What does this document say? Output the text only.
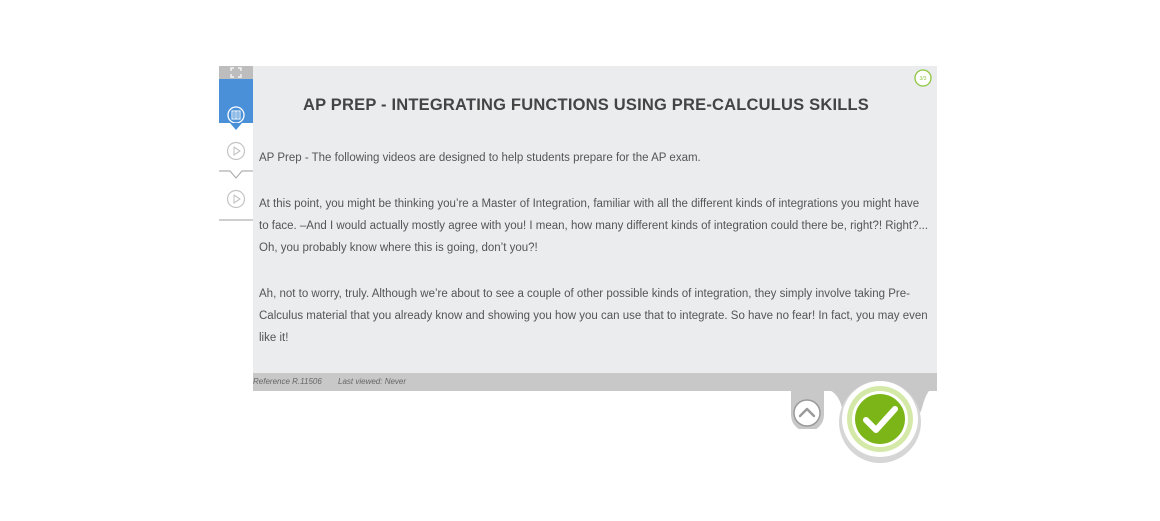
3/3
AP PREP - INTEGRATING FUNCTIONS USING PRE-CALCULUS SKILLS

AP Prep - The following videos are designed to help students prepare for the AP exam.

At this point, you might be thinking you’re a Master of Integration, familiar with all the different kinds of integrations you might have to face. –And I would actually mostly agree with you! I mean, how many different kinds of integration could there be, right?! Right?... Oh, you probably know where this is going, don’t you?!

Ah, not to worry, truly. Although we’re about to see a couple of other possible kinds of integration, they simply involve taking Pre-Calculus material that you already know and showing you how you can use that to integrate. So have no fear! In fact, you may even like it!

Reference R.11506 Last viewed: Never
